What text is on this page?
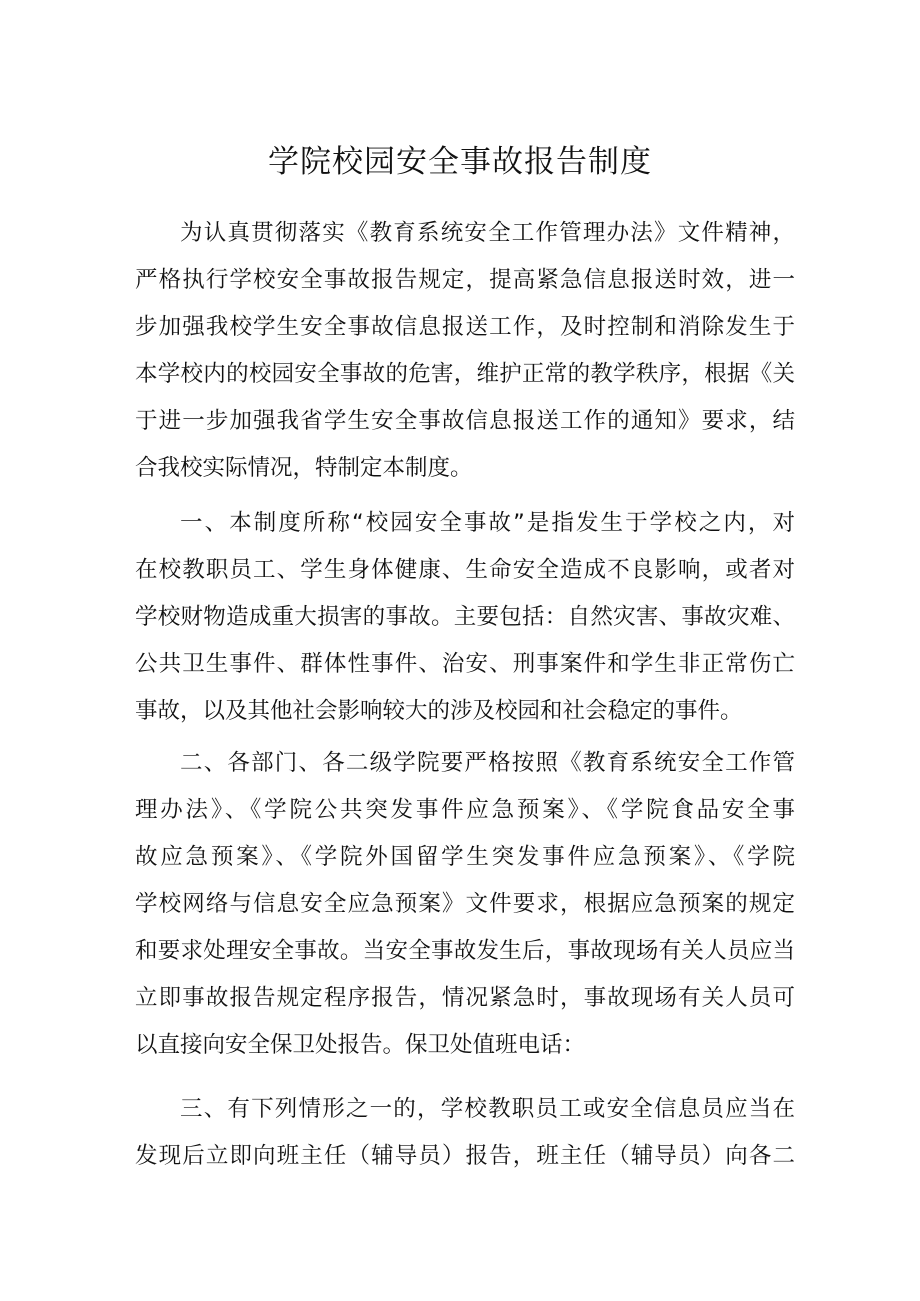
学院校园安全事故报告制度
为认真贯彻落实《教育系统安全工作管理办法》文件精神，
严格执行学校安全事故报告规定，提高紧急信息报送时效，进一
步加强我校学生安全事故信息报送工作，及时控制和消除发生于
本学校内的校园安全事故的危害，维护正常的教学秩序，根据《关
于进一步加强我省学生安全事故信息报送工作的通知》要求，结
合我校实际情况，特制定本制度。
一、本制度所称“校园安全事故”是指发生于学校之内，对
在校教职员工、学生身体健康、生命安全造成不良影响，或者对
学校财物造成重大损害的事故。主要包括：自然灾害、事故灾难、
公共卫生事件、群体性事件、治安、刑事案件和学生非正常伤亡
事故，以及其他社会影响较大的涉及校园和社会稳定的事件。
二、各部门、各二级学院要严格按照《教育系统安全工作管
理办法》、《学院公共突发事件应急预案》、《学院食品安全事
故应急预案》、《学院外国留学生突发事件应急预案》、《学院
学校网络与信息安全应急预案》文件要求，根据应急预案的规定
和要求处理安全事故。当安全事故发生后，事故现场有关人员应当
立即事故报告规定程序报告，情况紧急时，事故现场有关人员可
以直接向安全保卫处报告。保卫处值班电话：
三、有下列情形之一的，学校教职员工或安全信息员应当在
发现后立即向班主任（辅导员）报告，班主任（辅导员）向各二
